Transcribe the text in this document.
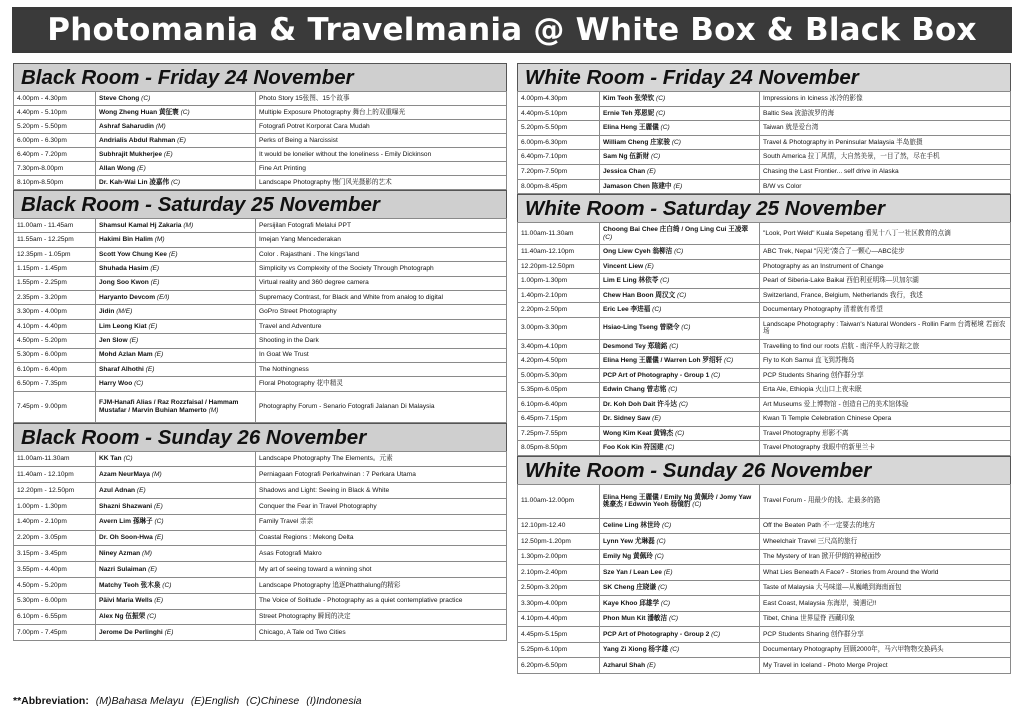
Photomania & Travelmania @ White Box & Black Box
Black Room - Friday 24 November
4.00pm - 4.30pm	Steve Chong (C)	Photo Story 15张图、15个故事
4.40pm - 5.10pm	Wong Zheng Huan 黄征寰 (C)	Multiple Exposure Photography 舞台上的双重曝光
5.20pm - 5.50pm	Ashraf Saharudin (M)	Fotografi Potret Korporat Cara Mudah
6.00pm - 6.30pm	Andrialis Abdul Rahman (E)	Perks of Being a Narcissist
6.40pm - 7.20pm	Subhrajit Mukherjee (E)	It would be lonelier without the loneliness - Emily Dickinson
7.30pm-8.00pm	Allan Wong (E)	Fine Art Printing
8.10pm-8.50pm	Dr. Kah-Wai Lin 凌嘉伟 (C)	Landscape Photography 慢门风光摄影的艺术
Black Room - Saturday 25 November
11.00am - 11.45am	Shamsul Kamal Hj Zakaria (M)	Persijilan Fotografi Melalui PPT
11.55am - 12.25pm	Hakimi Bin Halim (M)	Imejan Yang Mencederakan
12.35pm - 1.05pm	Scott Yow Chung Kee (E)	Color . Rajasthani . The kings'land
1.15pm - 1.45pm	Shuhada Hasim (E)	Simplicity vs Complexity of the Society Through Photograph
1.55pm - 2.25pm	Jong Soo Kwon (E)	Virtual reality and 360 degree camera
2.35pm - 3.20pm	Haryanto Devcom (E/I)	Supremacy Contrast, for Black and White from analog to digital
3.30pm - 4.00pm	Jidin (M/E)	GoPro Street Photography
4.10pm - 4.40pm	Lim Leong Kiat (E)	Travel and Adventure
4.50pm - 5.20pm	Jen Slow (E)	Shooting in the Dark
5.30pm - 6.00pm	Mohd Azlan Mam (E)	In Goat We Trust
6.10pm - 6.40pm	Sharaf Alhothi (E)	The Nothingness
6.50pm - 7.35pm	Harry Woo (C)	Floral Photography 花中精灵
7.45pm - 9.00pm	FJM-Hanafi Alias / Raz Rozzfaisal / Hammam Mustafar / Marvin Buhian Mamerto (M)	Photography Forum - Senario Fotografi Jalanan Di Malaysia
Black Room - Sunday 26 November
11.00am-11.30am	KK Tan (C)	Landscape Photography The Elements。元素
11.40am - 12.10pm	Azam NeurMaya (M)	Perniagaan Fotografi Perkahwinan : 7 Perkara Utama
12.20pm - 12.50pm	Azul Adnan (E)	Shadows and Light: Seeing in Black & White
1.00pm - 1.30pm	Shazni Shazwani (E)	Conquer the Fear in Travel Photography
1.40pm - 2.10pm	Avern Lim 孫琳子 (C)	Family Travel 亲亲
2.20pm - 3.05pm	Dr. Oh Soon-Hwa (E)	Coastal Regions : Mekong Delta
3.15pm - 3.45pm	Niney Azman (M)	Asas Fotografi Makro
3.55pm - 4.40pm	Nazri Sulaiman (E)	My art of seeing toward a winning shot
4.50pm - 5.20pm	Matchy Teoh 张木泉 (C)	Landscape Photography 追逐Phatthalung的精彩
5.30pm - 6.00pm	Päivi Maria Wells (E)	The Voice of Solitude - Photography as a quiet contemplative practice
6.10pm - 6.55pm	Alex Ng 伍振荣 (C)	Street Photography 瞬间的决定
7.00pm - 7.45pm	Jerome De Perlinghi (E)	Chicago, A Tale od Two Cities
White Room - Friday 24 November
4.00pm-4.30pm	Kim Teoh 张荣钦 (C)	Impressions in Iciness 冰冷的影像
4.40pm-5.10pm	Ernie Teh 郑恩妮 (C)	Baltic Sea 波游波罗的海
5.20pm-5.50pm	Elina Heng 王麗儀 (C)	Taiwan 就是爱台湾
6.00pm-6.30pm	William Cheng 庄家骏 (C)	Travel & Photography in Peninsular Malaysia 半岛旅摄
6.40pm-7.10pm	Sam Ng 伍新财 (C)	South America 拉丁风情，大自然美景，一目了然，尽在手机
7.20pm-7.50pm	Jessica Chan (E)	Chasing the Last Frontier... self drive in Alaska
8.00pm-8.45pm	Jamason Chen 陈建中 (E)	B/W vs Color
White Room - Saturday 25 November
11.00am-11.30am	Choong Bai Chee 庄白绮 / Ong Ling Cui 王凌翠 (C)	"Look, Port Weld" Kuala Sepetang 看见十八丁一社区教育的点滴
11.40am-12.10pm	Ong Liew Cyeh 翁柳洁 (C)	ABC Trek, Nepal "闪光"凑合了一颗心—ABC徒步
12.20pm-12.50pm	Vincent Liew (E)	Photography as an Instrument of Change
1.00pm-1.30pm	Lim E Ling 林依苓 (C)	Pearl of Siberia-Lake Baikal 西伯利亚明珠—贝加尔湖
1.40pm-2.10pm	Chew Han Boon 周汉文 (C)	Switzerland, France, Belgium, Netherlands 我行，我述
2.20pm-2.50pm	Eric Lee 李进福 (C)	Documentary Photography 清着就有希望
3.00pm-3.30pm	Hsiao-Ling Tseng 曾晓令 (C)	Landscape Photography : Taiwan's Natural Wonders - Rollin Farm 台湾秘境 若面农场
3.40pm-4.10pm	Desmond Tey 郑瑞銘 (C)	Travelling to find our roots 启航 - 南洋华人的寻踪之旅
4.20pm-4.50pm	Elina Heng 王麗儀 / Warren Loh 罗绍轩 (C)	Fly to Koh Samui 直飞到苏梅岛
5.00pm-5.30pm	PCP Art of Photography - Group 1 (C)	PCP Students Sharing 创作群分享
5.35pm-6.05pm	Edwin Chang 曾志铭 (C)	Erta Ale, Ethiopia 火山口上夜未眠
6.10pm-6.40pm	Dr. Koh Doh Dait 许斗达 (C)	Art Museums 爱上博物馆 - 创造自己的美术馆体验
6.45pm-7.15pm	Dr. Sidney Saw (E)	Kwan Ti Temple Celebration Chinese Opera
7.25pm-7.55pm	Wong Kim Keat 黄锦杰 (C)	Travel Photography 形影不离
8.05pm-8.50pm	Foo Kok Kin 符国建 (C)	Travel Photography 我眼中的新里兰卡
White Room - Sunday 26 November
11.00am-12.00pm	Elina Heng 王麗儀 / Emily Ng 黄佩玲 / Jomy Yaw 姚豪杰 / Edwvin Yeoh 杨镜豹 (C)	Travel Forum - 用最少的钱、走最多的路
12.10pm-12.40	Celine Ling 林世玲 (C)	Off the Beaten Path 不一定要去的地方
12.50pm-1.20pm	Lynn Yew 尤琳磊 (C)	Wheelchair Travel 三尺高的旅行
1.30pm-2.00pm	Emily Ng 黄佩玲 (C)	The Mystery of Iran 掀开伊朗的神秘面纱
2.10pm-2.40pm	Sze Yan / Lean Lee (E)	What Lies Beneath A Face? - Stories from Around the World
2.50pm-3.20pm	SK Cheng 庄晓谦 (C)	Taste of Malaysia 大马味道—从巍峨到海南面包
3.30pm-4.00pm	Kaye Khoo 邱雄学 (C)	East Coast, Malaysia 东海岸，骑遇记!!
4.10pm-4.40pm	Phon Mun Kit 潘敏洁 (C)	Tibet, China 世界屋脊 西藏印象
4.45pm-5.15pm	PCP Art of Photography - Group 2 (C)	PCP Students Sharing 创作群分享
5.25pm-6.10pm	Yang Zi Xiong 杨字雄 (C)	Documentary Photography 回顾2000年，马六甲物物交换码头
6.20pm-6.50pm	Azharul Shah (E)	My Travel in Iceland - Photo Merge Project
**Abbreviation: (M)Bahasa Melayu (E)English (C)Chinese (I)Indonesia
